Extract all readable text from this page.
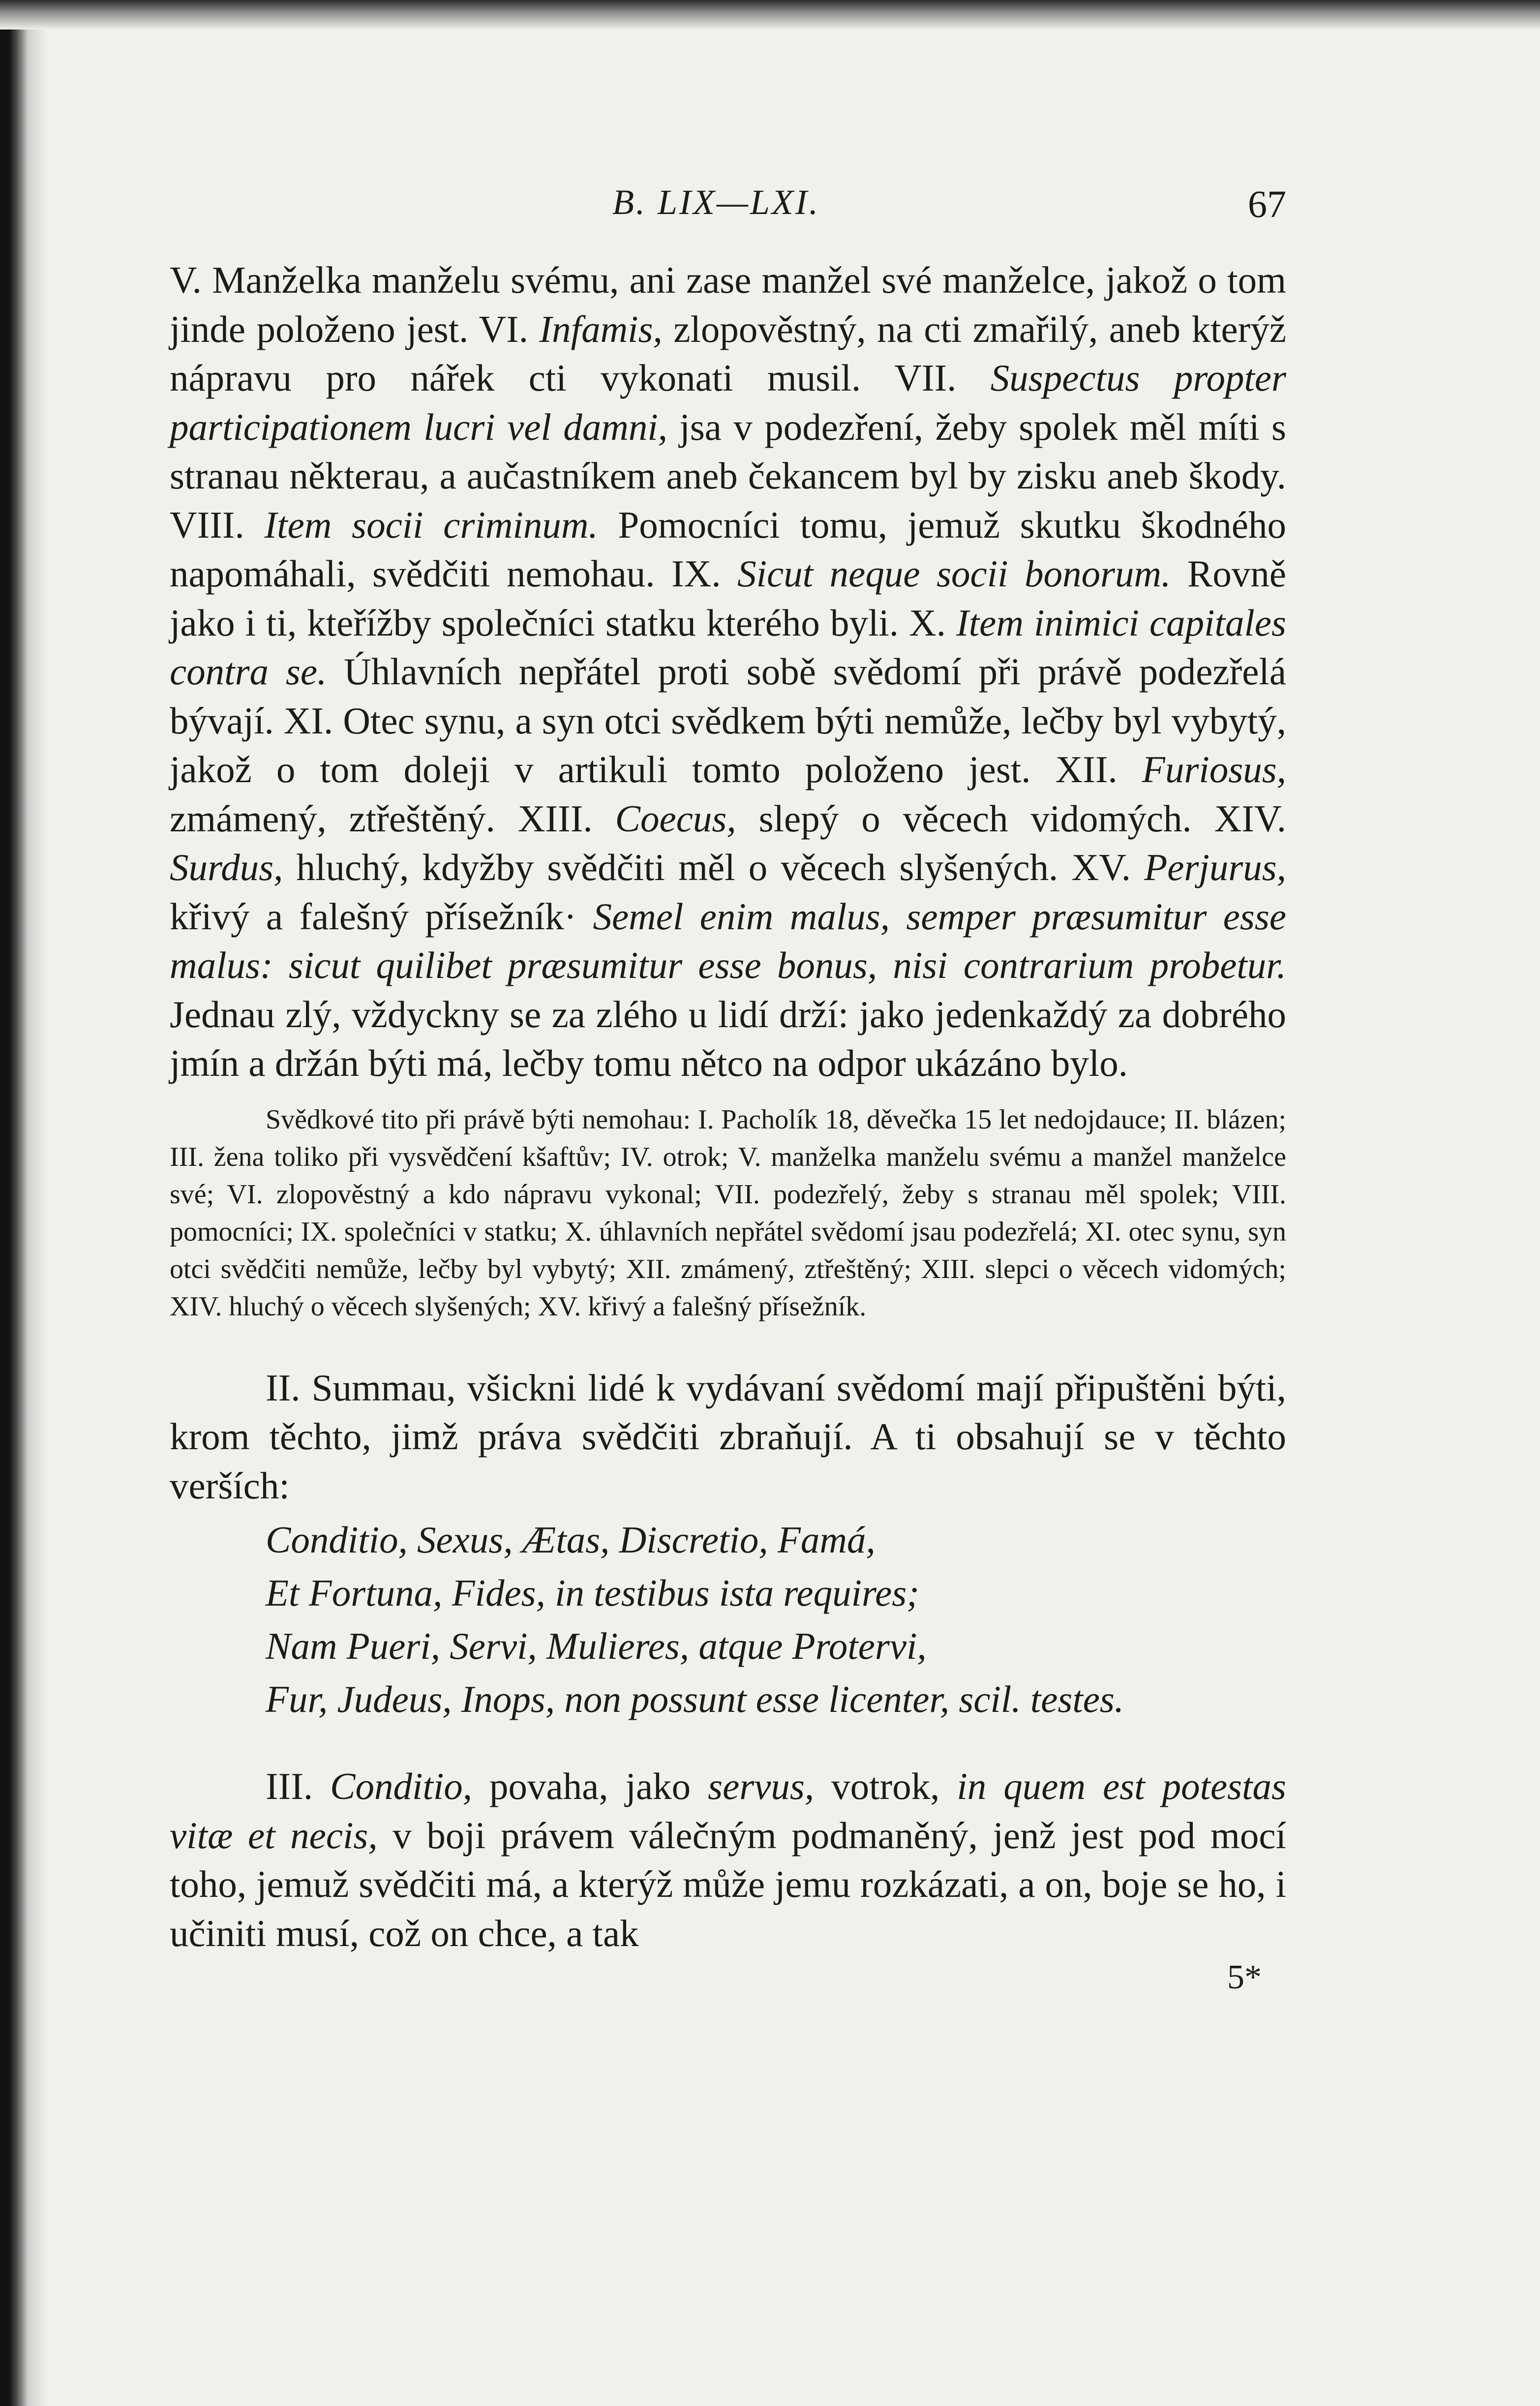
B. LIX—LXI.	67

V. Manželka manželu svému, ani zase manžel své manželce, jakož o tom jinde položeno jest. VI. Infamis, zlopověstný, na cti zmařilý, aneb kterýž nápravu pro nářek cti vykonati musil. VII. Suspectus propter participationem lucri vel damni, jsa v podezření, žeby spolek měl míti s stranau některau, a aučastníkem aneb čekancem byl by zisku aneb škody. VIII. Item socii criminum. Pomocníci tomu, jemuž skutku škodného napomáhali, svědčiti nemohau. IX. Sicut neque socii bonorum. Rovně jako i ti, kteřížby společníci statku kterého byli. X. Item inimici capitales contra se. Úhlavních nepřátel proti sobě svědomí při právě podezřelá bývají. XI. Otec synu, a syn otci svědkem býti nemůže, lečby byl vybytý, jakož o tom doleji v artikuli tomto položeno jest. XII. Furiosus, zmámený, ztřeštěný. XIII. Coecus, slepý o věcech vidomých. XIV. Surdus, hluchý, kdyžby svědčiti měl o věcech slyšených. XV. Perjurus, křivý a falešný přísežník· Semel enim malus, semper præsumitur esse malus: sicut quilibet præsumitur esse bonus, nisi contrarium probetur. Jednau zlý, vždyckny se za zlého u lidí drží: jako jedenkaždý za dobrého jmín a držán býti má, lečby tomu nětco na odpor ukázáno bylo.

Svědkové tito při právě býti nemohau: I. Pacholík 18, děvečka 15 let nedojdauce; II. blázen; III. žena toliko při vysvědčení kšaftův; IV. otrok; V. manželka manželu svému a manžel manželce své; VI. zlopověstný a kdo nápravu vykonal; VII. podezřelý, žeby s stranau měl spolek; VIII. pomocníci; IX. společníci v statku; X. úhlavních nepřátel svědomí jsau podezřelá; XI. otec synu, syn otci svědčiti nemůže, lečby byl vybytý; XII. zmámený, ztřeštěný; XIII. slepci o věcech vidomých; XIV. hluchý o věcech slyšených; XV. křivý a falešný přísežník.

II. Summau, všickni lidé k vydávaní svědomí mají připuštěni býti, krom těchto, jimž práva svědčiti zbraňují. A ti obsahují se v těchto verších:

Conditio, Sexus, Ætas, Discretio, Famá,
Et Fortuna, Fides, in testibus ista requires;
Nam Pueri, Servi, Mulieres, atque Protervi,
Fur, Judeus, Inops, non possunt esse licenter, scil. testes.

III. Conditio, povaha, jako servus, votrok, in quem est potestas vitæ et necis, v boji právem válečným podmaněný, jenž jest pod mocí toho, jemuž svědčiti má, a kterýž může jemu rozkázati, a on, boje se ho, i učiniti musí, což on chce, a tak

5*
